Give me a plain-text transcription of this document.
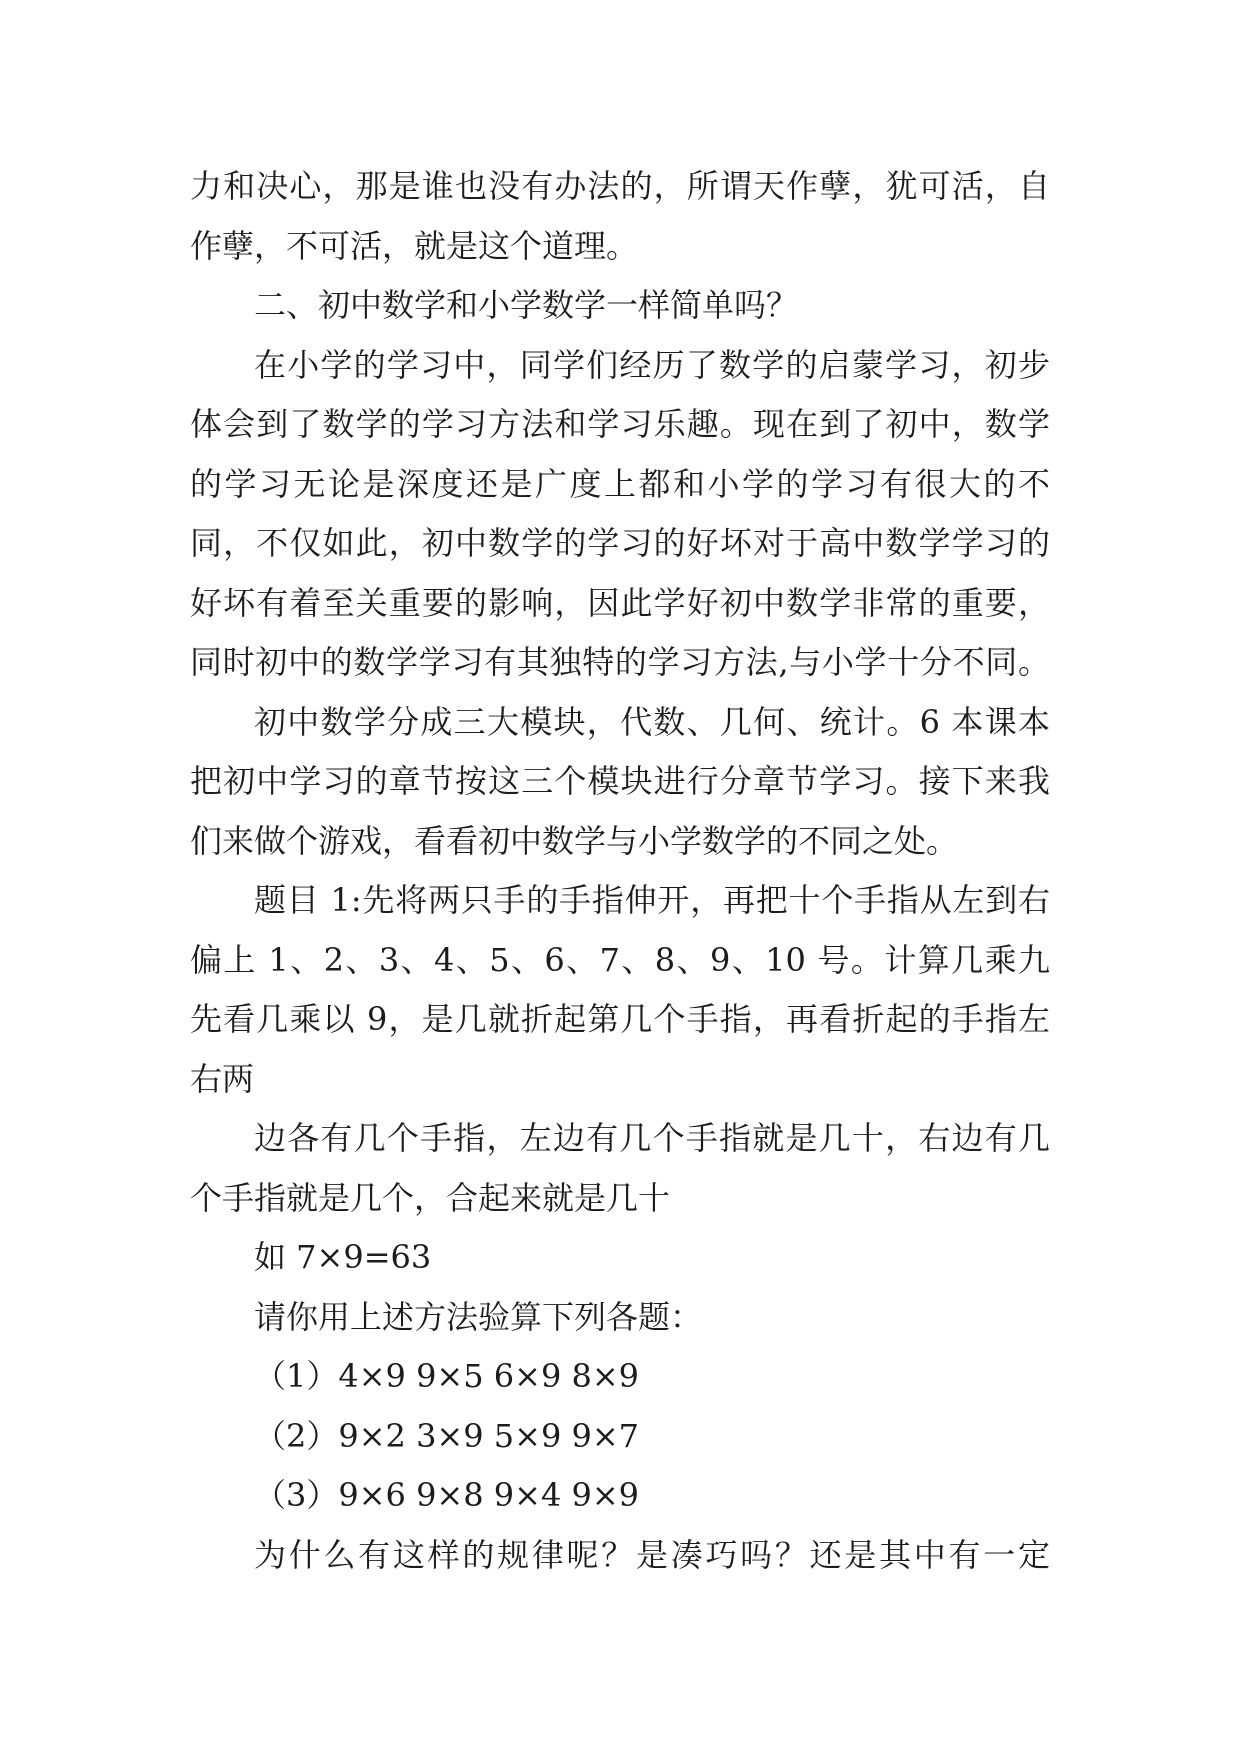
力和决心，那是谁也没有办法的，所谓天作孽，犹可活，自
作孽，不可活，就是这个道理。
二、初中数学和小学数学一样简单吗？
在小学的学习中，同学们经历了数学的启蒙学习，初步
体会到了数学的学习方法和学习乐趣。现在到了初中，数学
的学习无论是深度还是广度上都和小学的学习有很大的不
同，不仅如此，初中数学的学习的好坏对于高中数学学习的
好坏有着至关重要的影响，因此学好初中数学非常的重要，
同时初中的数学学习有其独特的学习方法,与小学十分不同。
初中数学分成三大模块，代数、几何、统计。6 本课本
把初中学习的章节按这三个模块进行分章节学习。接下来我
们来做个游戏，看看初中数学与小学数学的不同之处。
题目 1:先将两只手的手指伸开，再把十个手指从左到右
偏上 1、2、3、4、5、6、7、8、9、10 号。计算几乘九
先看几乘以 9，是几就折起第几个手指，再看折起的手指左
右两
边各有几个手指，左边有几个手指就是几十，右边有几
个手指就是几个，合起来就是几十
如 7×9=63
请你用上述方法验算下列各题：
（1）4×9 9×5 6×9 8×9
（2）9×2 3×9 5×9 9×7
（3）9×6 9×8 9×4 9×9
为什么有这样的规律呢？是凑巧吗？还是其中有一定
